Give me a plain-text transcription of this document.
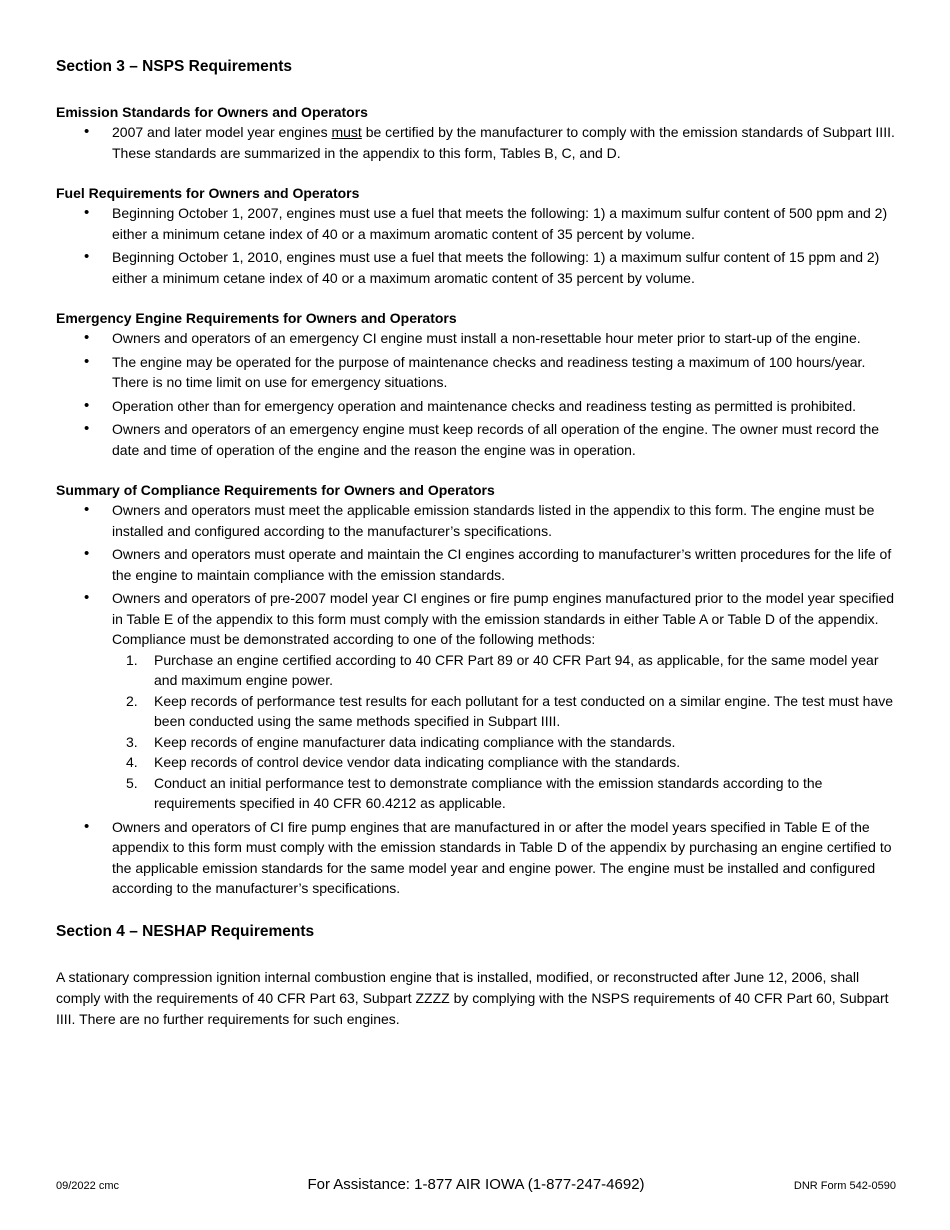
Section 3 – NSPS Requirements
Emission Standards for Owners and Operators
• 2007 and later model year engines must be certified by the manufacturer to comply with the emission standards of Subpart IIII. These standards are summarized in the appendix to this form, Tables B, C, and D.
Fuel Requirements for Owners and Operators
• Beginning October 1, 2007, engines must use a fuel that meets the following: 1) a maximum sulfur content of 500 ppm and 2) either a minimum cetane index of 40 or a maximum aromatic content of 35 percent by volume.
• Beginning October 1, 2010, engines must use a fuel that meets the following: 1) a maximum sulfur content of 15 ppm and 2) either a minimum cetane index of 40 or a maximum aromatic content of 35 percent by volume.
Emergency Engine Requirements for Owners and Operators
• Owners and operators of an emergency CI engine must install a non-resettable hour meter prior to start-up of the engine.
• The engine may be operated for the purpose of maintenance checks and readiness testing a maximum of 100 hours/year. There is no time limit on use for emergency situations.
• Operation other than for emergency operation and maintenance checks and readiness testing as permitted is prohibited.
• Owners and operators of an emergency engine must keep records of all operation of the engine. The owner must record the date and time of operation of the engine and the reason the engine was in operation.
Summary of Compliance Requirements for Owners and Operators
• Owners and operators must meet the applicable emission standards listed in the appendix to this form. The engine must be installed and configured according to the manufacturer’s specifications.
• Owners and operators must operate and maintain the CI engines according to manufacturer’s written procedures for the life of the engine to maintain compliance with the emission standards.
• Owners and operators of pre-2007 model year CI engines or fire pump engines manufactured prior to the model year specified in Table E of the appendix to this form must comply with the emission standards in either Table A or Table D of the appendix. Compliance must be demonstrated according to one of the following methods:
1. Purchase an engine certified according to 40 CFR Part 89 or 40 CFR Part 94, as applicable, for the same model year and maximum engine power.
2. Keep records of performance test results for each pollutant for a test conducted on a similar engine. The test must have been conducted using the same methods specified in Subpart IIII.
3. Keep records of engine manufacturer data indicating compliance with the standards.
4. Keep records of control device vendor data indicating compliance with the standards.
5. Conduct an initial performance test to demonstrate compliance with the emission standards according to the requirements specified in 40 CFR 60.4212 as applicable.
• Owners and operators of CI fire pump engines that are manufactured in or after the model years specified in Table E of the appendix to this form must comply with the emission standards in Table D of the appendix by purchasing an engine certified to the applicable emission standards for the same model year and engine power. The engine must be installed and configured according to the manufacturer’s specifications.
Section 4 – NESHAP Requirements

A stationary compression ignition internal combustion engine that is installed, modified, or reconstructed after June 12, 2006, shall comply with the requirements of 40 CFR Part 63, Subpart ZZZZ by complying with the NSPS requirements of 40 CFR Part 60, Subpart IIII. There are no further requirements for such engines.

09/2022 cmc	For Assistance: 1-877 AIR IOWA (1-877-247-4692)	DNR Form 542-0590
